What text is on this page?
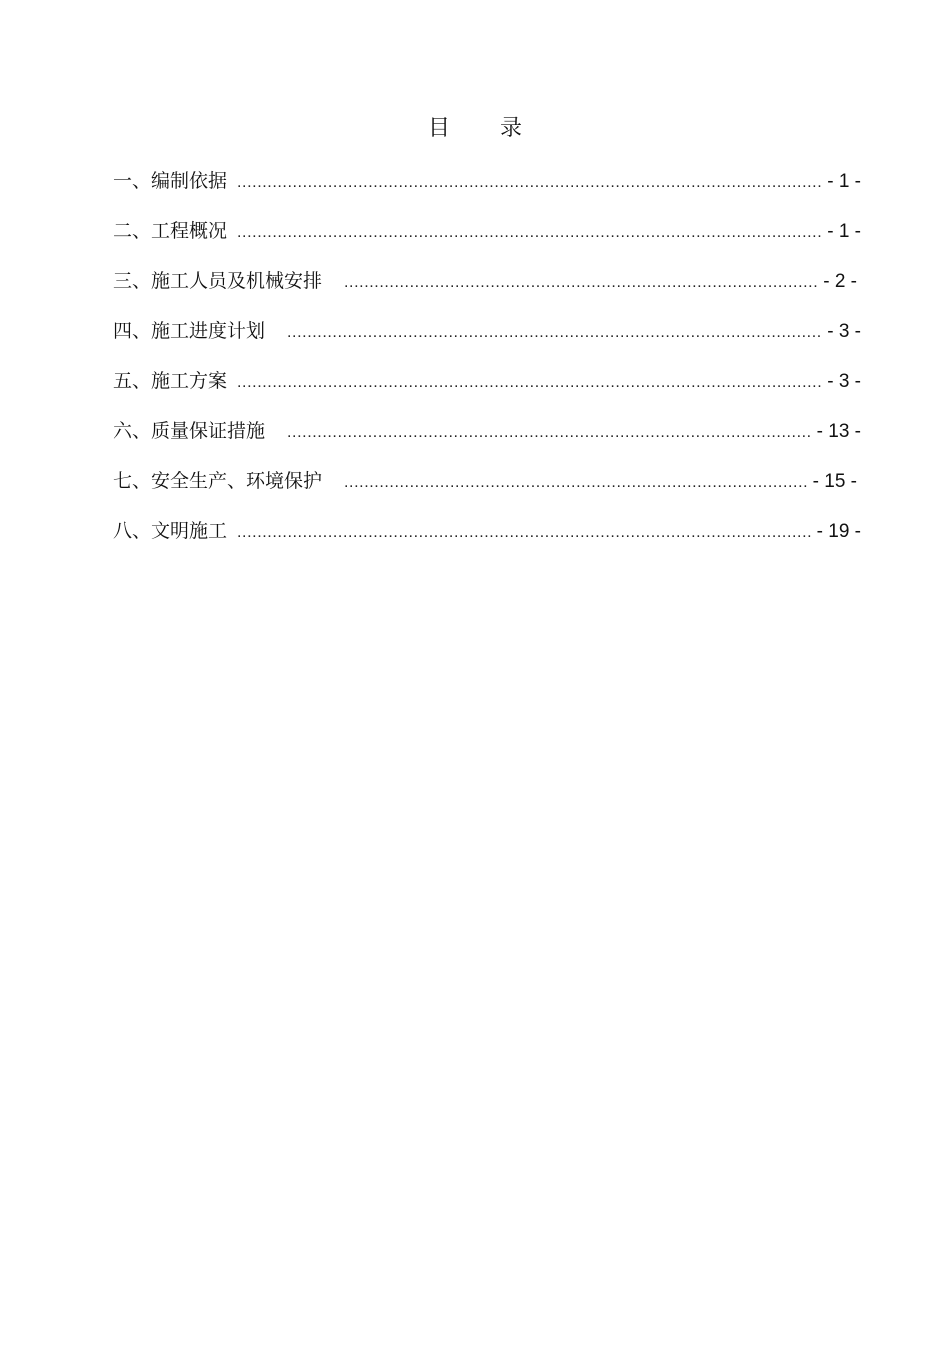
目 录
一、编制依据 .....	- 1 -
二、工程概况 .....	- 1 -
三、施工人员及机械安排 .....	- 2 -
四、施工进度计划 .....	- 3 -
五、施工方案 .....	- 3 -
六、质量保证措施 .....	- 13 -
七、安全生产、环境保护 .....	- 15 -
八、文明施工 .....	- 19 -
